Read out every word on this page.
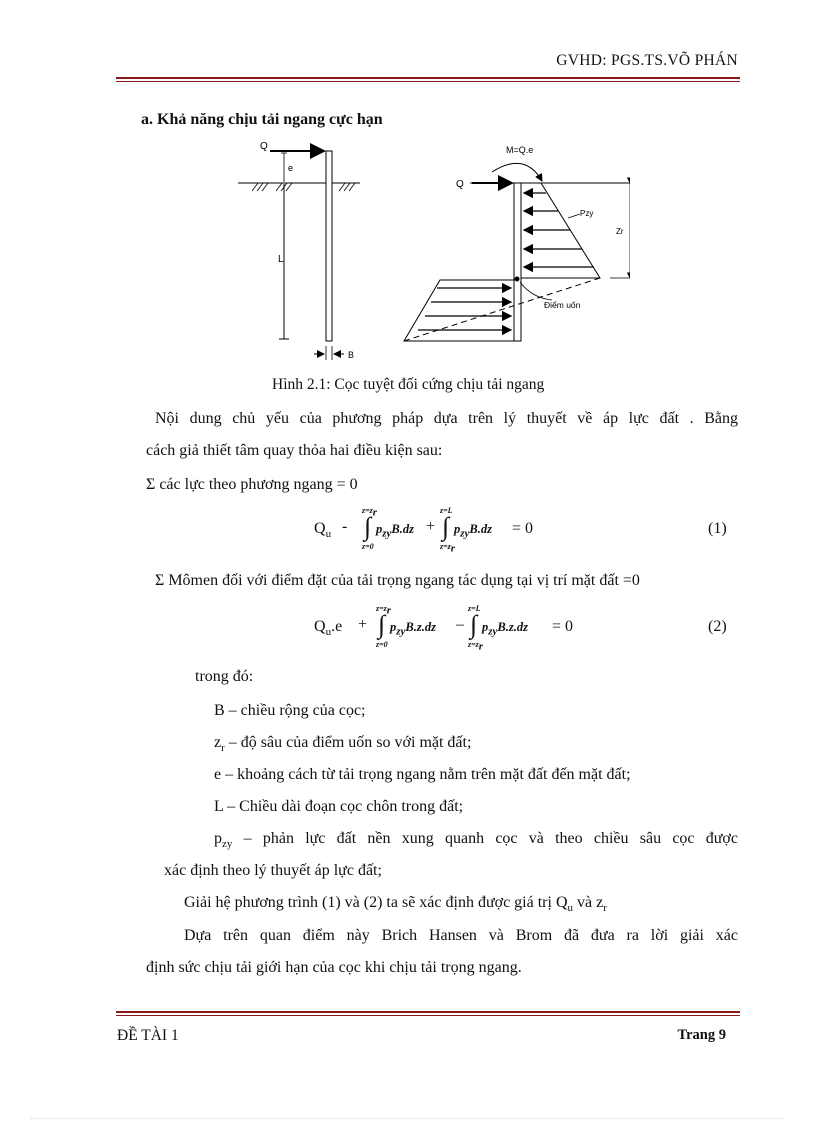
GVHD: PGS.TS.VÕ PHÁN
a. Khả năng chịu tải ngang cực hạn
Q
e
L
B
Q
M=Q.e
Pzy
Zr
Điểm uốn
Hình 2.1: Cọc tuyệt đối cứng chịu tải ngang
Nội dung chủ yếu của phương pháp dựa trên lý thuyết về áp lực đất . Bằng
cách giả thiết tâm quay thỏa hai điều kiện sau:
Σ các lực theo phương ngang = 0
$Q_u$ -
$z=z_r$
∫
z=0
$p_{zy}B.dz$ +
z=L
∫
$z=z_r$
$p_{zy}B.dz = 0$	(1)
Σ Mômen đối với điểm đặt của tải trọng ngang tác dụng tại vị trí mặt đất =0
$Q_u.e$ +
$z=z_r$
∫
z=0
$p_{zy}B.z.dz$ –
z=L
∫
$z=z_r$
$p_{zy}B.z.dz = 0$	(2)
trong đó:
B – chiều rộng của cọc;
$z_r$ – độ sâu của điểm uốn so với mặt đất;
e – khoảng cách từ tải trọng ngang nằm trên mặt đất đến mặt đất;
L – Chiều dài đoạn cọc chôn trong đất;
$p_{zy}$ – phản lực đất nền xung quanh cọc và theo chiều sâu cọc được
xác định theo lý thuyết áp lực đất;
Giải hệ phương trình (1) và (2) ta sẽ xác định được giá trị $Q_u$ và $z_r$
Dựa trên quan điểm này Brich Hansen và Brom đã đưa ra lời giải xác
định sức chịu tải giới hạn của cọc khi chịu tải trọng ngang.
ĐỀ TÀI 1	Trang 9
